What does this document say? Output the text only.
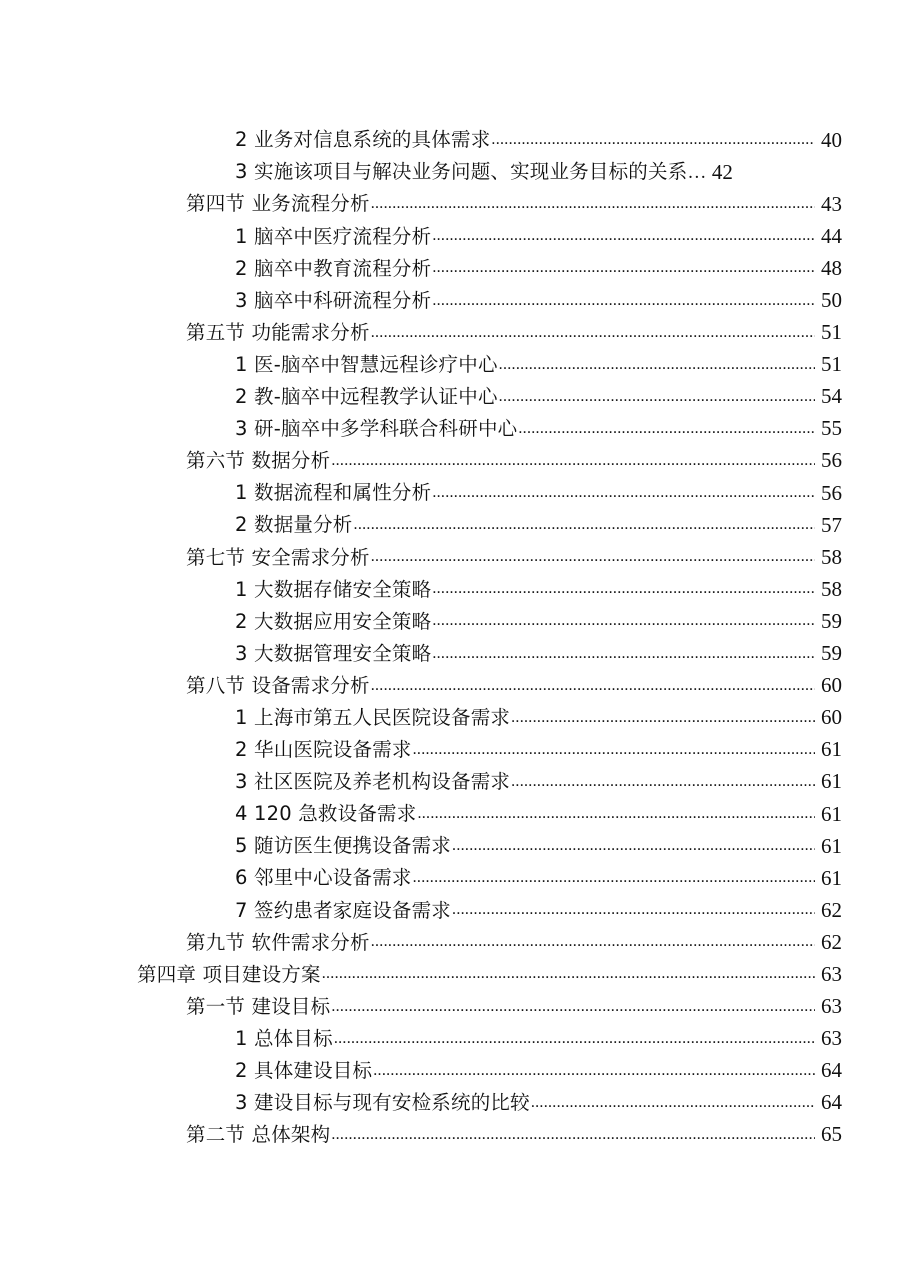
2 业务对信息系统的具体需求 .....	40
3 实施该项目与解决业务问题、实现业务目标的关系 … 42
第四节 业务流程分析 .....	43
1 脑卒中医疗流程分析 .....	44
2 脑卒中教育流程分析 .....	48
3 脑卒中科研流程分析 .....	50
第五节 功能需求分析 .....	51
1 医-脑卒中智慧远程诊疗中心 .....	51
2 教-脑卒中远程教学认证中心 .....	54
3 研-脑卒中多学科联合科研中心 .....	55
第六节 数据分析 .....	56
1 数据流程和属性分析 .....	56
2 数据量分析 .....	57
第七节 安全需求分析 .....	58
1 大数据存储安全策略 .....	58
2 大数据应用安全策略 .....	59
3 大数据管理安全策略 .....	59
第八节 设备需求分析 .....	60
1 上海市第五人民医院设备需求 .....	60
2 华山医院设备需求 .....	61
3 社区医院及养老机构设备需求 .....	61
4 120 急救设备需求 .....	61
5 随访医生便携设备需求 .....	61
6 邻里中心设备需求 .....	61
7 签约患者家庭设备需求 .....	62
第九节 软件需求分析 .....	62
第四章 项目建设方案 .....	63
第一节 建设目标 .....	63
1 总体目标 .....	63
2 具体建设目标 .....	64
3 建设目标与现有安检系统的比较 .....	64
第二节 总体架构 .....	65
